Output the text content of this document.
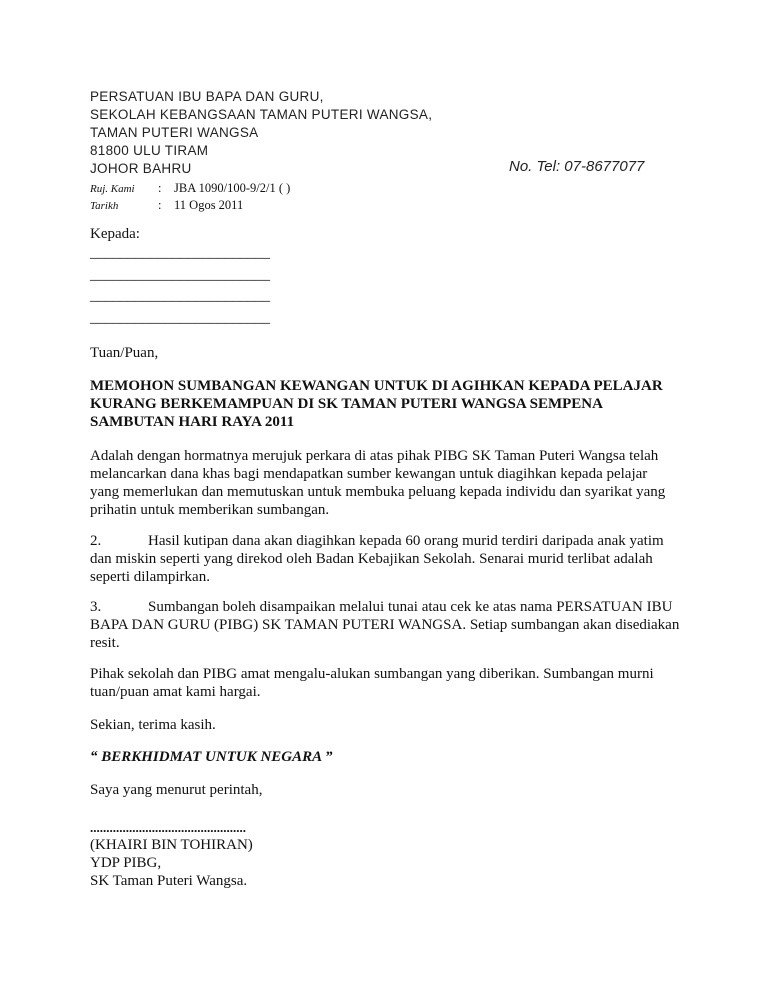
PERSATUAN IBU BAPA DAN GURU,
SEKOLAH KEBANGSAAN TAMAN PUTERI WANGSA,
TAMAN PUTERI WANGSA
81800 ULU TIRAM
JOHOR BAHRU	No. Tel: 07-8677077
Ruj. Kami : JBA 1090/100-9/2/1 ( )
Tarikh	: 11 Ogos 2011

Kepada:

________________________
________________________
________________________
________________________

Tuan/Puan,

MEMOHON SUMBANGAN KEWANGAN UNTUK DI AGIHKAN KEPADA PELAJAR

KURANG BERKEMAMPUAN DI SK TAMAN PUTERI WANGSA SEMPENA

SAMBUTAN HARI RAYA 2011

Adalah dengan hormatnya merujuk perkara di atas pihak PIBG SK Taman Puteri Wangsa telah melancarkan dana khas bagi mendapatkan sumber kewangan untuk diagihkan kepada pelajar yang memerlukan dan memutuskan untuk membuka peluang kepada individu dan syarikat yang prihatin untuk memberikan sumbangan.

2.	Hasil kutipan dana akan diagihkan kepada 60 orang murid terdiri daripada anak yatim dan miskin seperti yang direkod oleh Badan Kebajikan Sekolah. Senarai murid terlibat adalah seperti dilampirkan.

3.	Sumbangan boleh disampaikan melalui tunai atau cek ke atas nama PERSATUAN IBU BAPA DAN GURU (PIBG) SK TAMAN PUTERI WANGSA. Setiap sumbangan akan disediakan resit.

Pihak sekolah dan PIBG amat mengalu-alukan sumbangan yang diberikan. Sumbangan murni tuan/puan amat kami hargai.

Sekian, terima kasih.

“ BERKHIDMAT UNTUK NEGARA ”

Saya yang menurut perintah,

................................................

(KHAIRI BIN TOHIRAN)

YDP PIBG,

SK Taman Puteri Wangsa.
